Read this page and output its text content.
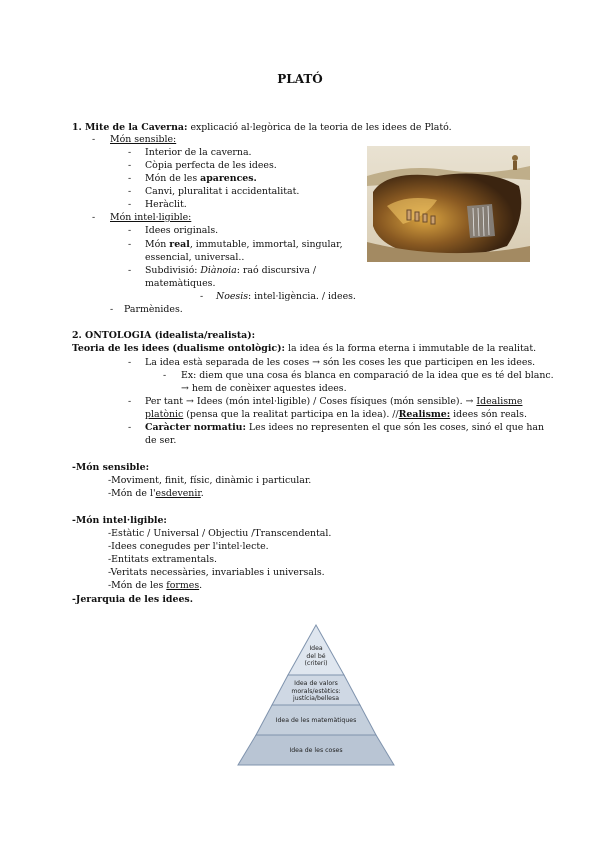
PLATÓ
1. Mite de la Caverna: explicació al·legòrica de la teoria de les idees de Plató.
- Món sensible:
- Interior de la caverna.
- Còpia perfecta de les idees.
- Món de les aparences.
- Canvi, pluralitat i accidentalitat.
- Heràclit.
- Món intel·ligible:
- Idees originals.
- Món real, immutable, immortal, singular,
essencial, universal..
- Subdivisió: Diànoia: raó discursiva /
matemàtiques.
- Noesis: intel·ligència. / idees.
- Parmènides.
2. ONTOLOGIA (idealista/realista):
Teoria de les idees (dualisme ontològic): la idea és la forma eterna i immutable de la realitat.
- La idea està separada de les coses → són les coses les que participen en les idees.
- Ex: diem que una cosa és blanca en comparació de la idea que es té del blanc.
→ hem de conèixer aquestes idees.
- Per tant → Idees (món intel·ligible) / Coses físiques (món sensible). → Idealisme
platònic (pensa que la realitat participa en la idea). //Realisme: idees són reals.
- Caràcter normatiu: Les idees no representen el que són les coses, sinó el que han
de ser.
-Món sensible:
-Moviment, finit, físic, dinàmic i particular.
-Món de l'esdevenir.
-Món intel·ligible:
-Estàtic / Universal / Objectiu /Transcendental.
-Idees conegudes per l'intel·lecte.
-Entitats extramentals.
-Veritats necessàries, invariables i universals.
-Món de les formes.
-Jerarquia de les idees.
Idea
del bé
(criteri)
Idea de valors
morals/estètics:
justícia/bellesa
Idea de les matemàtiques
Idea de les coses
